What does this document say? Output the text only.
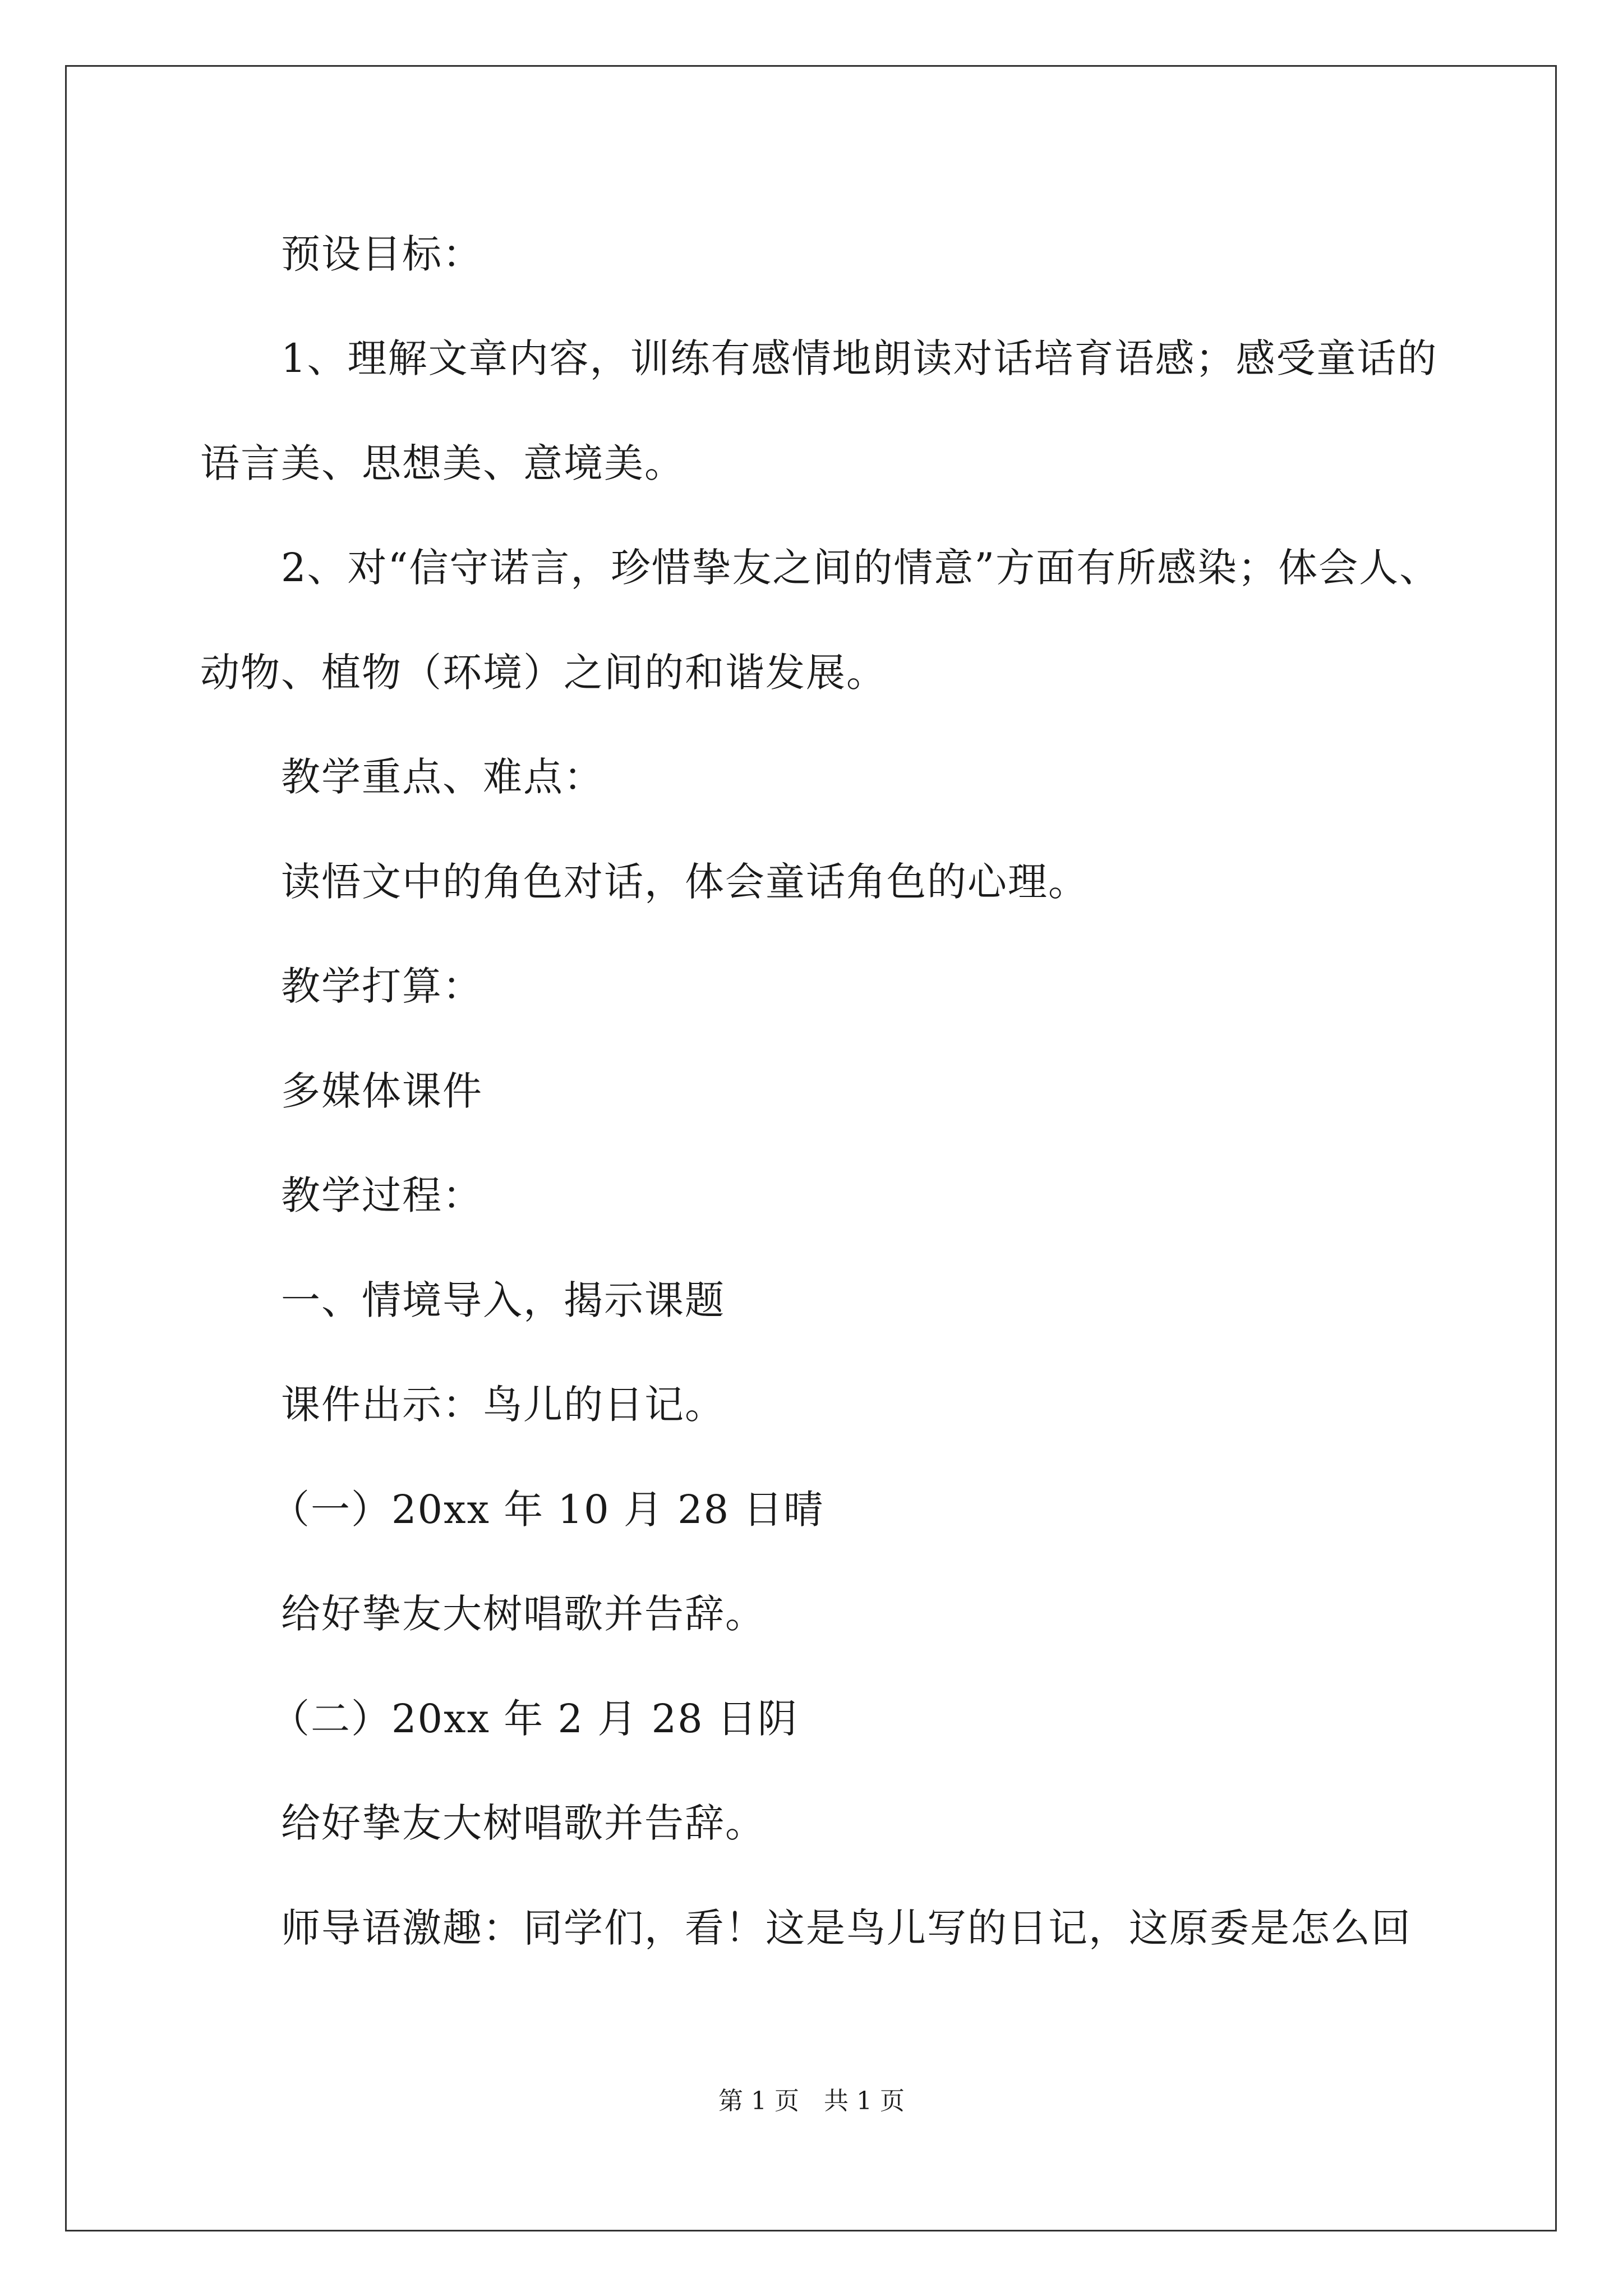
预设目标：
1、理解文章内容，训练有感情地朗读对话培育语感；感受童话的
语言美、思想美、意境美。
2、对“信守诺言，珍惜挚友之间的情意”方面有所感染；体会人、
动物、植物（环境）之间的和谐发展。
教学重点、难点：
读悟文中的角色对话，体会童话角色的心理。
教学打算：
多媒体课件
教学过程：
一、情境导入，揭示课题
课件出示：鸟儿的日记。
（一）20xx 年 10 月 28 日晴
给好挚友大树唱歌并告辞。
（二）20xx 年 2 月 28 日阴
给好挚友大树唱歌并告辞。
师导语激趣：同学们，看！这是鸟儿写的日记，这原委是怎么回
第 1 页　共 1 页
